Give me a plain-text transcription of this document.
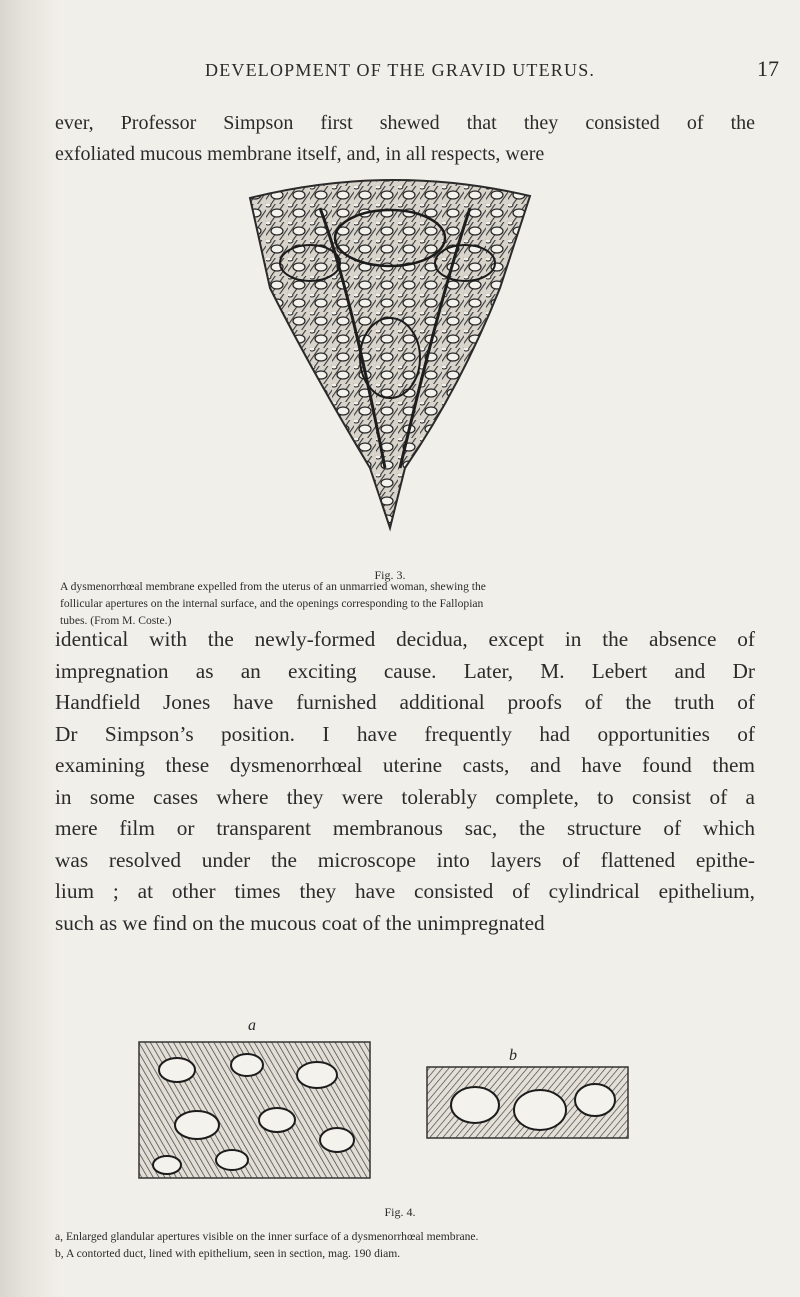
DEVELOPMENT OF THE GRAVID UTERUS.	17
ever, Professor Simpson first shewed that they consisted of the
exfoliated mucous membrane itself, and, in all respects, were
Fig. 3.
A dysmenorrhœal membrane expelled from the uterus of an unmarried woman, shewing the
follicular apertures on the internal surface, and the openings corresponding to the Fallopian
tubes. (From M. Coste.)
identical with the newly-formed decidua, except in the absence of
impregnation as an exciting cause. Later, M. Lebert and Dr
Handfield Jones have furnished additional proofs of the truth of
Dr Simpson’s position. I have frequently had opportunities of
examining these dysmenorrhœal uterine casts, and have found them
in some cases where they were tolerably complete, to consist of a
mere film or transparent membranous sac, the structure of which
was resolved under the microscope into layers of flattened epithe-
lium ; at other times they have consisted of cylindrical epithelium,
such as we find on the mucous coat of the unimpregnated
a
b
Fig. 4.
a, Enlarged glandular apertures visible on the inner surface of a dysmenorrhœal membrane.
b, A contorted duct, lined with epithelium, seen in section, mag. 190 diam.
